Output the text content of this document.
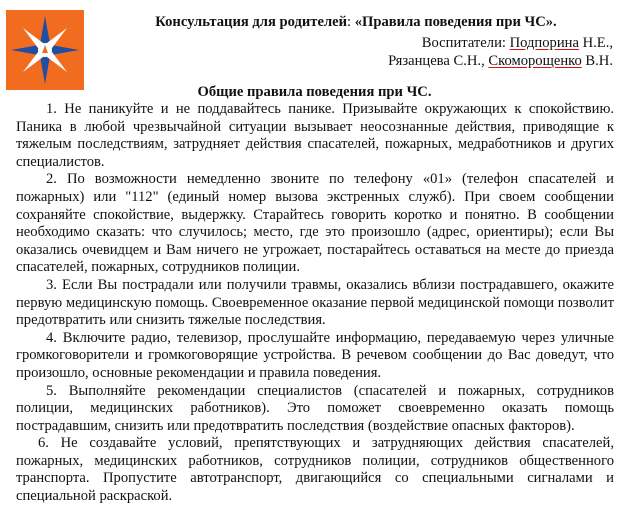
Консультация для родителей: «Правила поведения при ЧС».
Воспитатели: Подпорина Н.Е.,
Рязанцева С.Н., Скоморощенко В.Н.
Общие правила поведения при ЧС.

1. Не паникуйте и не поддавайтесь панике. Призывайте окружающих к спокойствию. Паника в любой чрезвычайной ситуации вызывает неосознанные действия, приводящие к тяжелым последствиям, затрудняет действия спасателей, пожарных, медработников и других специалистов.

2. По возможности немедленно звоните по телефону «01» (телефон спасателей и пожарных) или "112" (единый номер вызова экстренных служб). При своем сообщении сохраняйте спокойствие, выдержку. Старайтесь говорить коротко и понятно. В сообщении необходимо сказать: что случилось; место, где это произошло (адрес, ориентиры); если Вы оказались очевидцем и Вам ничего не угрожает, постарайтесь оставаться на месте до приезда спасателей, пожарных, сотрудников полиции.

3. Если Вы пострадали или получили травмы, оказались вблизи пострадавшего, окажите первую медицинскую помощь. Своевременное оказание первой медицинской помощи позволит предотвратить или снизить тяжелые последствия.

4. Включите радио, телевизор, прослушайте информацию, передаваемую через уличные громкоговорители и громкоговорящие устройства. В речевом сообщении до Вас доведут, что произошло, основные рекомендации и правила поведения.

5. Выполняйте рекомендации специалистов (спасателей и пожарных, сотрудников полиции, медицинских работников). Это поможет своевременно оказать помощь пострадавшим, снизить или предотвратить последствия (воздействие опасных факторов).

6. Не создавайте условий, препятствующих и затрудняющих действия спасателей, пожарных, медицинских работников, сотрудников полиции, сотрудников общественного транспорта. Пропустите автотранспорт, двигающийся со специальными сигналами и специальной раскраской.
